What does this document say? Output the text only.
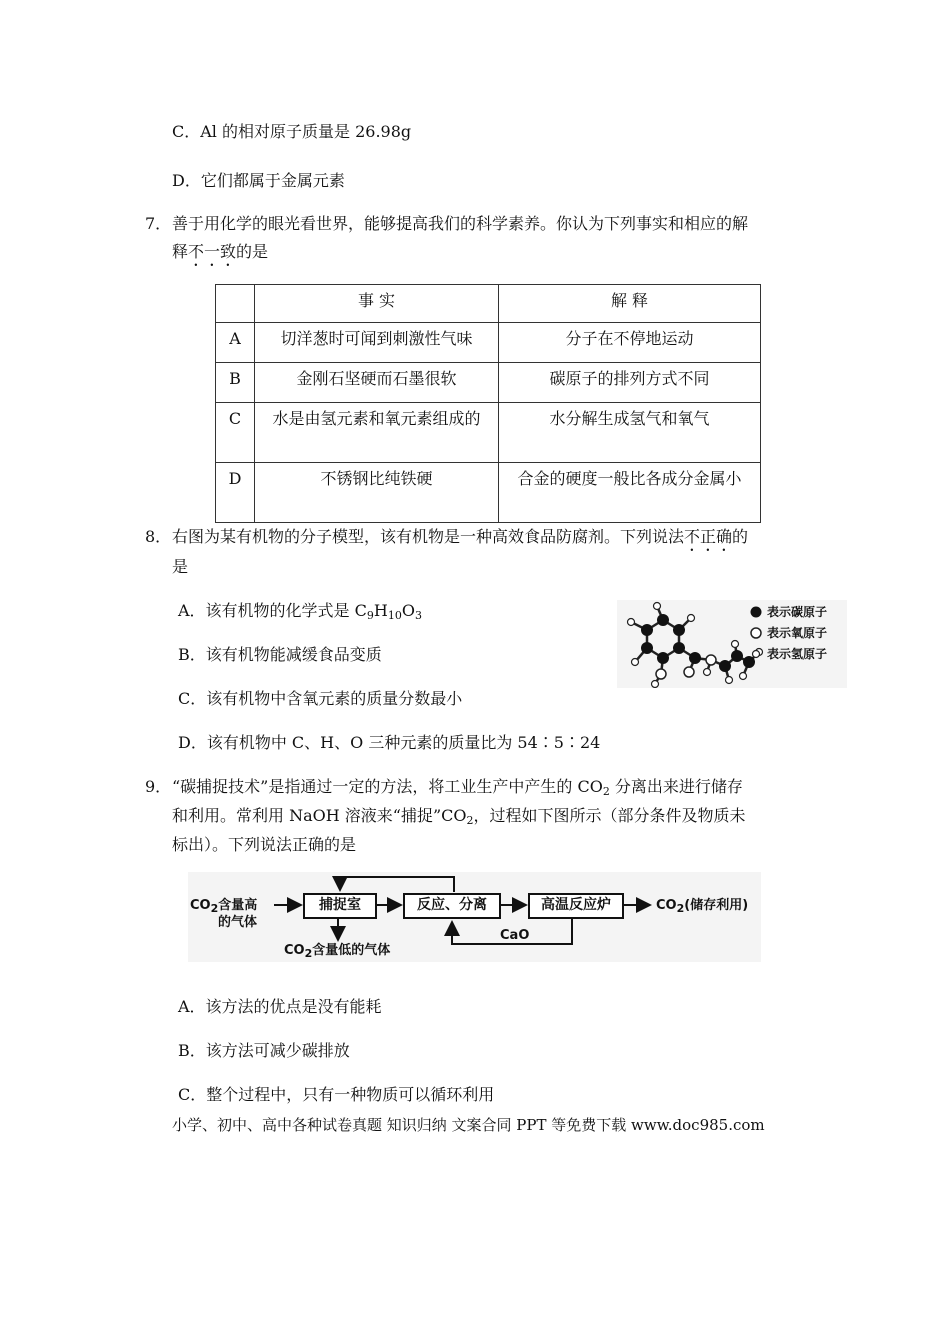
C．Al 的相对原子质量是 26.98g
D．它们都属于金属元素
7． 善于用化学的眼光看世界，能够提高我们的科学素养。你认为下列事实和相应的解
释不一致的是
	事 实	解 释
A	切洋葱时可闻到刺激性气味	分子在不停地运动
B	金刚石坚硬而石墨很软	碳原子的排列方式不同
C	水是由氢元素和氧元素组成的	水分解生成氢气和氧气
D	不锈钢比纯铁硬	合金的硬度一般比各成分金属小
8． 右图为某有机物的分子模型，该有机物是一种高效食品防腐剂。下列说法不正确的
是
A．该有机物的化学式是 $C_9H_{10}O_3$
B．该有机物能减缓食品变质
C．该有机物中含氧元素的质量分数最小
D．该有机物中 C、H、O 三种元素的质量比为 54∶5∶24
表示碳原子
表示氧原子
表示氢原子
9． “碳捕捉技术”是指通过一定的方法，将工业生产中产生的 $CO_2$ 分离出来进行储存
和利用。常利用 NaOH 溶液来“捕捉$”CO_2$，过程如下图所示（部分条件及物质未
标出）。下列说法正确的是
$CO_2$含量高
的气体
捕捉室	反应、分离	高温反应炉	$CO_2$(储存利用)
CaO
$CO_2$含量低的气体
A．该方法的优点是没有能耗
B．该方法可减少碳排放
C．整个过程中，只有一种物质可以循环利用
小学、初中、高中各种试卷真题 知识归纳 文案合同 PPT 等免费下载 www.doc985.com
